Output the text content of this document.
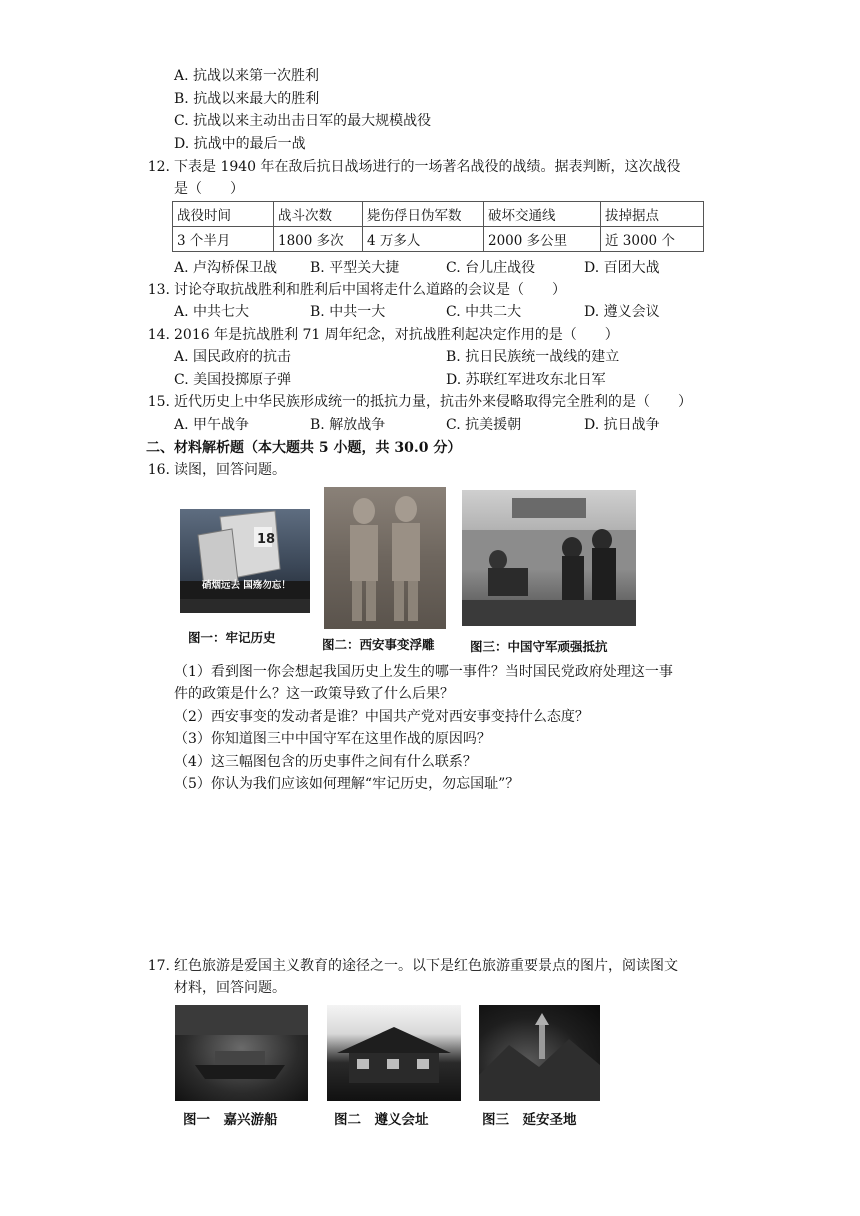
A. 抗战以来第一次胜利
B. 抗战以来最大的胜利
C. 抗战以来主动出击日军的最大规模战役
D. 抗战中的最后一战
12. 下表是 1940 年在敌后抗日战场进行的一场著名战役的战绩。据表判断，这次战役
是（　　）
战役时间	战斗次数	毙伤俘日伪军数	破坏交通线	拔掉据点
3 个半月	1800 多次	4 万多人	2000 多公里	近 3000 个
A. 卢沟桥保卫战 B. 平型关大捷	C. 台儿庄战役	D. 百团大战
13. 讨论夺取抗战胜利和胜利后中国将走什么道路的会议是（　　）
A. 中共七大	B. 中共一大	C. 中共二大	D. 遵义会议
14. 2016 年是抗战胜利 71 周年纪念，对抗战胜利起决定作用的是（　　）
A. 国民政府的抗击	B. 抗日民族统一战线的建立
C. 美国投掷原子弹	D. 苏联红军进攻东北日军
15. 近代历史上中华民族形成统一的抵抗力量，抗击外来侵略取得完全胜利的是（　　）
A. 甲午战争	B. 解放战争	C. 抗美援朝	D. 抗日战争
二、材料解析题（本大题共 5 小题，共 30.0 分）
16. 读图，回答问题。
18
硝烟远去 国殇勿忘！
图一：牢记历史	图二：西安事变浮雕	图三：中国守军顽强抵抗
（1）看到图一你会想起我国历史上发生的哪一事件？当时国民党政府处理这一事
件的政策是什么？这一政策导致了什么后果？
（2）西安事变的发动者是谁？中国共产党对西安事变持什么态度？
（3）你知道图三中中国守军在这里作战的原因吗？
（4）这三幅图包含的历史事件之间有什么联系？
（5）你认为我们应该如何理解“牢记历史，勿忘国耻”？
17. 红色旅游是爱国主义教育的途径之一。以下是红色旅游重要景点的图片，阅读图文
材料，回答问题。
图一　嘉兴游船	图二　遵义会址	图三　延安圣地
